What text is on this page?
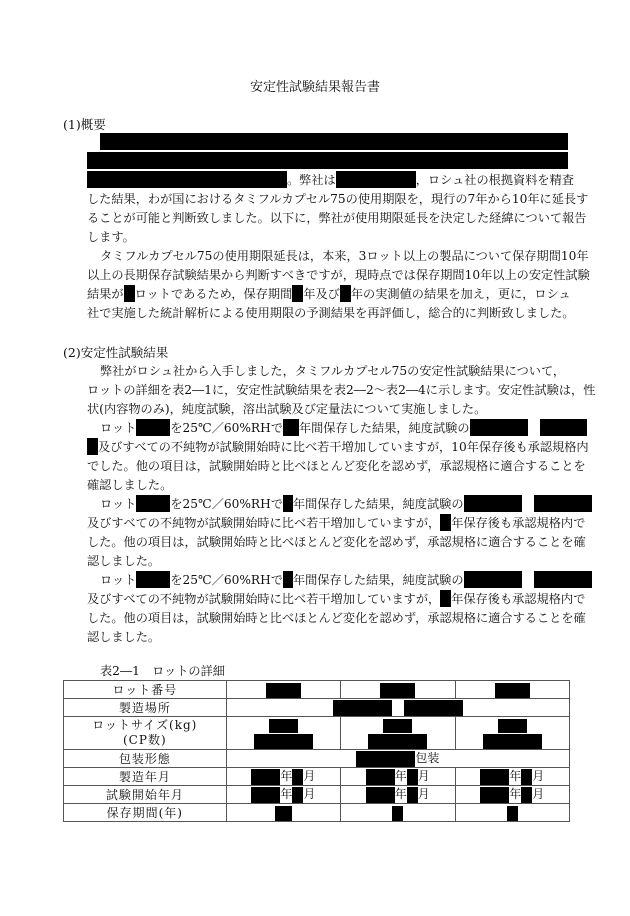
安定性試験結果報告書
(1)概要
。弊社は	，ロシュ社の根拠資料を精査
した結果，わが国におけるタミフルカプセル75の使用期限を，現行の7年から10年に延長す
ることが可能と判断致しました。以下に，弊社が使用期限延長を決定した経緯について報告
します。
タミフルカプセル75の使用期限延長は，本来，3ロット以上の製品について保存期間10年
以上の長期保存試験結果から判断すべきですが，現時点では保存期間10年以上の安定性試験
結果が ロットであるため，保存期間 年及び 年の実測値の結果を加え，更に，ロシュ
社で実施した統計解析による使用期限の予測結果を再評価し，総合的に判断致しました。
(2)安定性試験結果
弊社がロシュ社から入手しました，タミフルカプセル75の安定性試験結果について，
ロットの詳細を表2―1に，安定性試験結果を表2―2～表2―4に示します。安定性試験は，性
状(内容物のみ)，純度試験，溶出試験及び定量法について実施しました。
ロット	を25℃／60%RHで 年間保存した結果，純度試験の
及びすべての不純物が試験開始時に比べ若干増加していますが，10年保存後も承認規格内
でした。他の項目は，試験開始時と比べほとんど変化を認めず，承認規格に適合することを
確認しました。
ロット	を25℃／60%RHで 年間保存した結果，純度試験の
及びすべての不純物が試験開始時に比べ若干増加していますが， 年保存後も承認規格内で
した。他の項目は，試験開始時と比べほとんど変化を認めず，承認規格に適合することを確
認しました。
ロット	を25℃／60%RHで 年間保存した結果，純度試験の
及びすべての不純物が試験開始時に比べ若干増加していますが， 年保存後も承認規格内で
した。他の項目は，試験開始時と比べほとんど変化を認めず，承認規格に適合することを確
認しました。
表2―1　ロットの詳細
ロット番号			
製造場所			
ロットサイズ(kg)
(CP数)	

包装形態	包装		
製造年月	年 月	年 月	年 月
試験開始年月	年 月	年 月	年 月
保存期間(年)			
